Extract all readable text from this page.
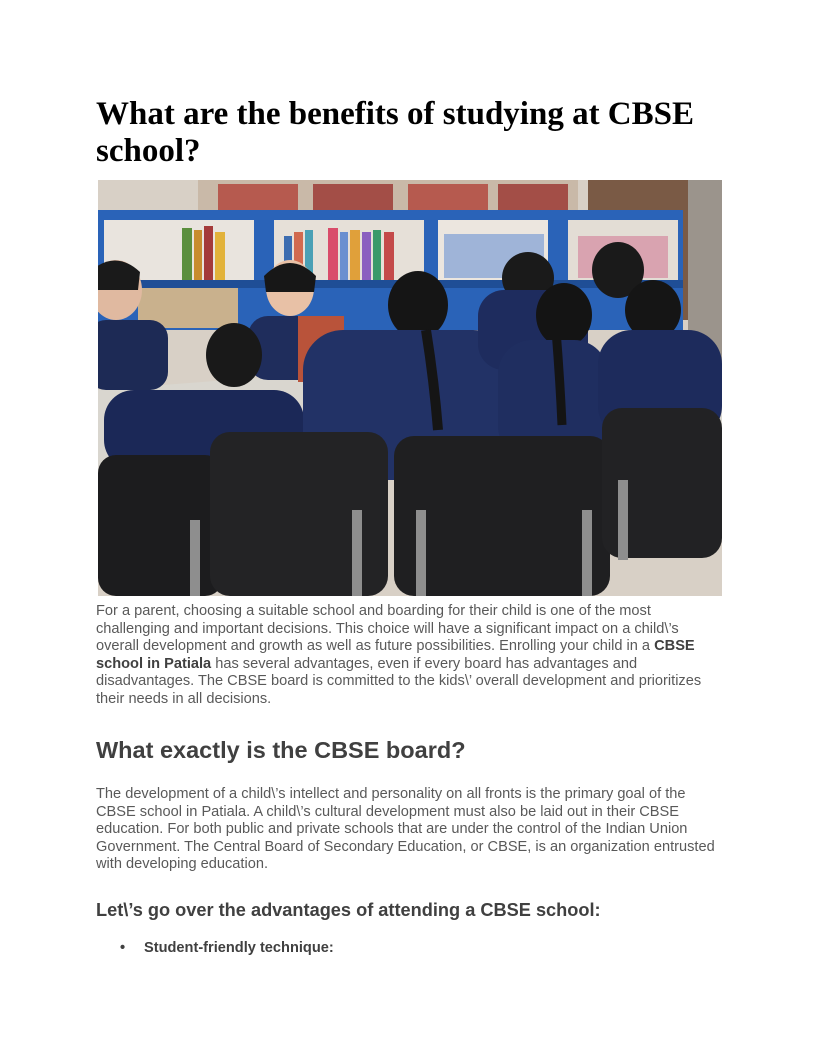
What are the benefits of studying at CBSE school?

For a parent, choosing a suitable school and boarding for their child is one of the most challenging and important decisions. This choice will have a significant impact on a child\’s overall development and growth as well as future possibilities. Enrolling your child in a CBSE school in Patiala has several advantages, even if every board has advantages and disadvantages. The CBSE board is committed to the kids\’ overall development and prioritizes their needs in all decisions.

What exactly is the CBSE board?

The development of a child\’s intellect and personality on all fronts is the primary goal of the CBSE school in Patiala. A child\’s cultural development must also be laid out in their CBSE education. For both public and private schools that are under the control of the Indian Union Government. The Central Board of Secondary Education, or CBSE, is an organization entrusted with developing education.

Let\’s go over the advantages of attending a CBSE school:
• Student-friendly technique:
